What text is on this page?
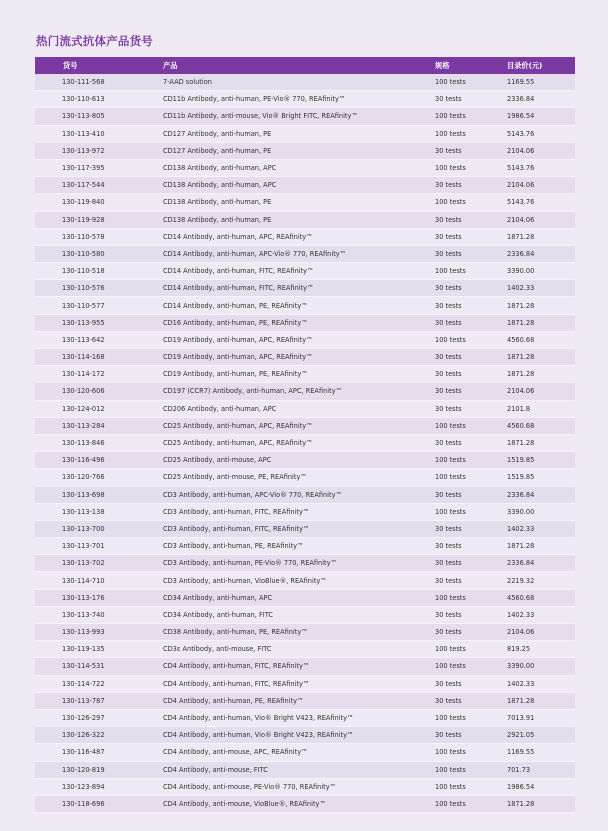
热门流式抗体产品货号
货号	产品	规格	目录价(元)
130-111-568	7-AAD solution	100 tests	1169.55
130-110-613	CD11b Antibody, anti-human, PE-Vio® 770, REAfinity™	30 tests	2336.84
130-113-805	CD11b Antibody, anti-mouse, Vio® Bright FITC, REAfinity™	100 tests	1986.54
130-113-410	CD127 Antibody, anti-human, PE	100 tests	5143.76
130-113-972	CD127 Antibody, anti-human, PE	30 tests	2104.06
130-117-395	CD138 Antibody, anti-human, APC	100 tests	5143.76
130-117-544	CD138 Antibody, anti-human, APC	30 tests	2104.06
130-119-840	CD138 Antibody, anti-human, PE	100 tests	5143.76
130-119-928	CD138 Antibody, anti-human, PE	30 tests	2104.06
130-110-578	CD14 Antibody, anti-human, APC, REAfinity™	30 tests	1871.28
130-110-580	CD14 Antibody, anti-human, APC-Vio® 770, REAfinity™	30 tests	2336.84
130-110-518	CD14 Antibody, anti-human, FITC, REAfinity™	100 tests	3390.00
130-110-576	CD14 Antibody, anti-human, FITC, REAfinity™	30 tests	1402.33
130-110-577	CD14 Antibody, anti-human, PE, REAfinity™	30 tests	1871.28
130-113-955	CD16 Antibody, anti-human, PE, REAfinity™	30 tests	1871.28
130-113-642	CD19 Antibody, anti-human, APC, REAfinity™	100 tests	4560.68
130-114-168	CD19 Antibody, anti-human, APC, REAfinity™	30 tests	1871.28
130-114-172	CD19 Antibody, anti-human, PE, REAfinity™	30 tests	1871.28
130-120-606	CD197 (CCR7) Antibody, anti-human, APC, REAfinity™	30 tests	2104.06
130-124-012	CD206 Antibody, anti-human, APC	30 tests	2101.8
130-113-284	CD25 Antibody, anti-human, APC, REAfinity™	100 tests	4560.68
130-113-846	CD25 Antibody, anti-human, APC, REAfinity™	30 tests	1871.28
130-116-496	CD25 Antibody, anti-mouse, APC	100 tests	1519.85
130-120-766	CD25 Antibody, anti-mouse, PE, REAfinity™	100 tests	1519.85
130-113-698	CD3 Antibody, anti-human, APC-Vio® 770, REAfinity™	30 tests	2336.84
130-113-138	CD3 Antibody, anti-human, FITC, REAfinity™	100 tests	3390.00
130-113-700	CD3 Antibody, anti-human, FITC, REAfinity™	30 tests	1402.33
130-113-701	CD3 Antibody, anti-human, PE, REAfinity™	30 tests	1871.28
130-113-702	CD3 Antibody, anti-human, PE-Vio® 770, REAfinity™	30 tests	2336.84
130-114-710	CD3 Antibody, anti-human, VioBlue®, REAfinity™	30 tests	2219.32
130-113-176	CD34 Antibody, anti-human, APC	100 tests	4560.68
130-113-740	CD34 Antibody, anti-human, FITC	30 tests	1402.33
130-113-993	CD38 Antibody, anti-human, PE, REAfinity™	30 tests	2104.06
130-119-135	CD3ε Antibody, anti-mouse, FITC	100 tests	819.25
130-114-531	CD4 Antibody, anti-human, FITC, REAfinity™	100 tests	3390.00
130-114-722	CD4 Antibody, anti-human, FITC, REAfinity™	30 tests	1402.33
130-113-787	CD4 Antibody, anti-human, PE, REAfinity™	30 tests	1871.28
130-126-297	CD4 Antibody, anti-human, Vio® Bright V423, REAfinity™	100 tests	7013.91
130-126-322	CD4 Antibody, anti-human, Vio® Bright V423, REAfinity™	30 tests	2921.05
130-116-487	CD4 Antibody, anti-mouse, APC, REAfinity™	100 tests	1169.55
130-120-819	CD4 Antibody, anti-mouse, FITC	100 tests	701.73
130-123-894	CD4 Antibody, anti-mouse, PE-Vio® 770, REAfinity™	100 tests	1986.54
130-118-696	CD4 Antibody, anti-mouse, VioBlue®, REAfinity™	100 tests	1871.28
